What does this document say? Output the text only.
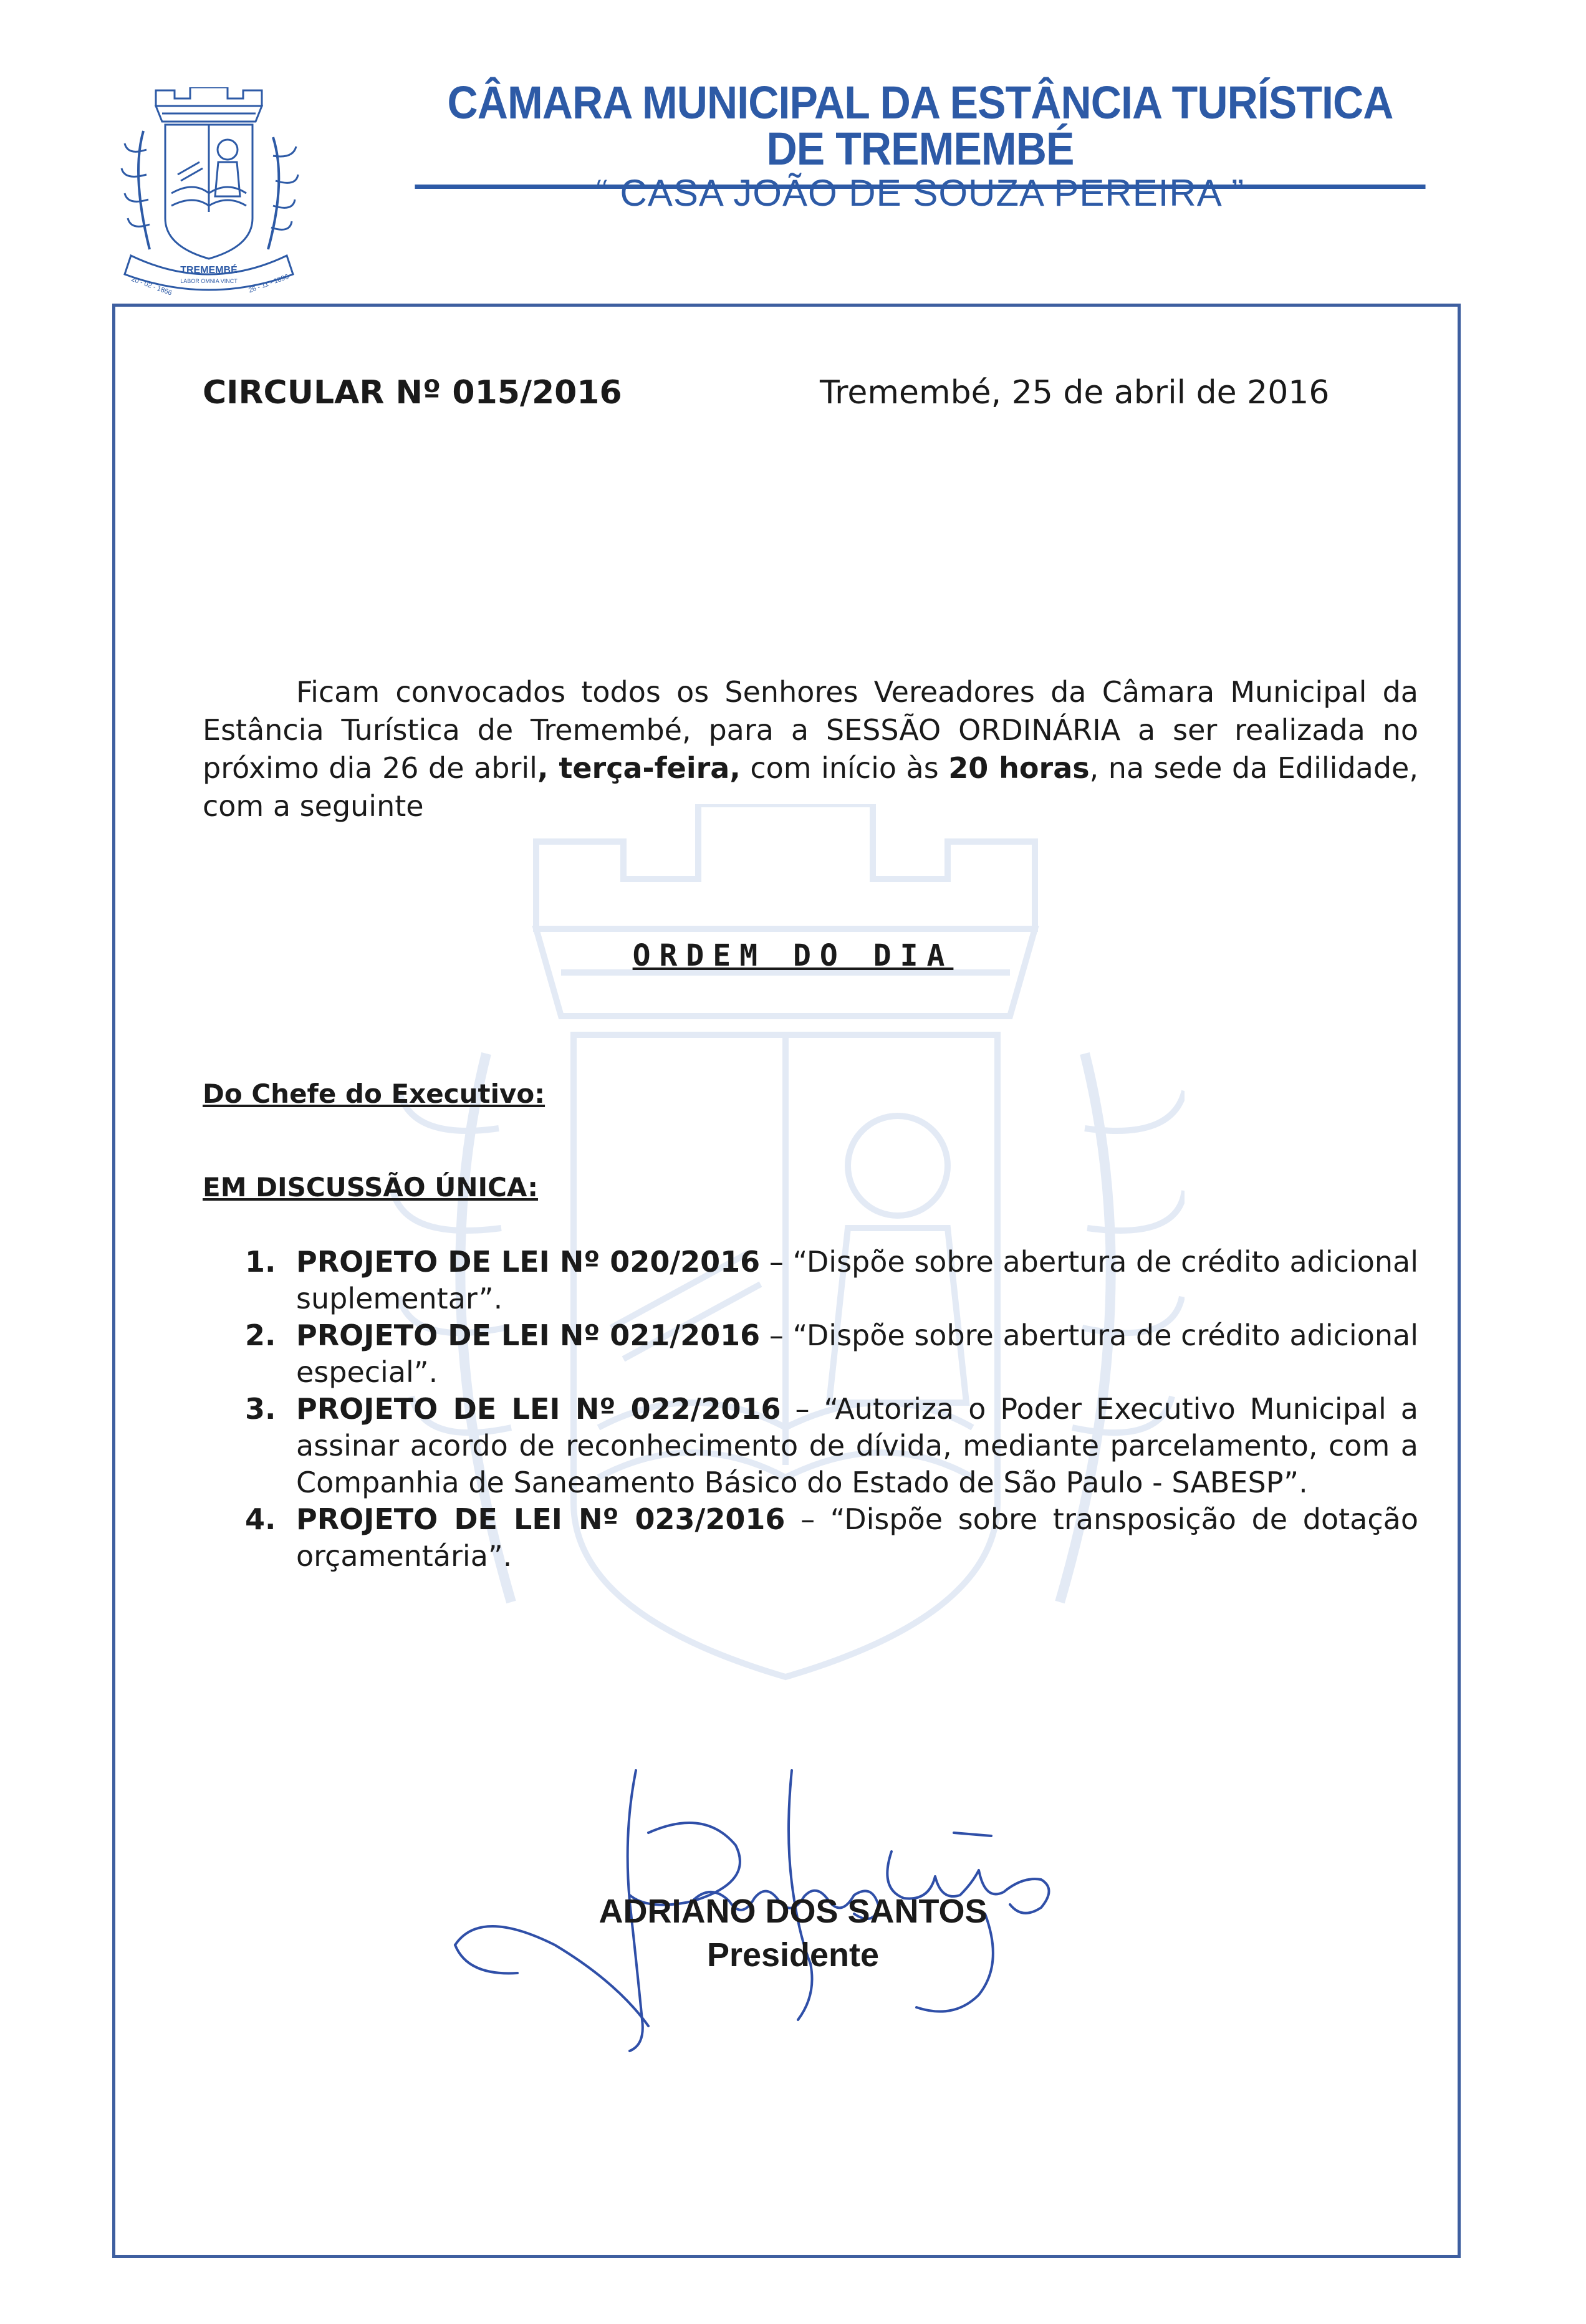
TREMEMBÉ
LABOR OMNIA VINCT
20 - 02 - 1866	26 - 11 - 1896
CÂMARA MUNICIPAL DA ESTÂNCIA TURÍSTICA DE TREMEMBÉ
“ CASA JOÃO DE SOUZA PEREIRA ”
CIRCULAR Nº 015/2016	Tremembé, 25 de abril de 2016
Ficam convocados todos os Senhores Vereadores da Câmara Municipal da Estância Turística de Tremembé, para a SESSÃO ORDINÁRIA a ser realizada no próximo dia 26 de abril, terça-feira, com início às 20 horas, na sede da Edilidade, com a seguinte
ORDEM DO DIA
Do Chefe do Executivo:
EM DISCUSSÃO ÚNICA:
1. PROJETO DE LEI Nº 020/2016 – “Dispõe sobre abertura de crédito adicional suplementar”.
2. PROJETO DE LEI Nº 021/2016 – “Dispõe sobre abertura de crédito adicional especial”.
3. PROJETO DE LEI Nº 022/2016 – “Autoriza o Poder Executivo Municipal a assinar acordo de reconhecimento de dívida, mediante parcelamento, com a Companhia de Saneamento Básico do Estado de São Paulo - SABESP”.
4. PROJETO DE LEI Nº 023/2016 – “Dispõe sobre transposição de dotação orçamentária”.
ADRIANO DOS SANTOS
Presidente
